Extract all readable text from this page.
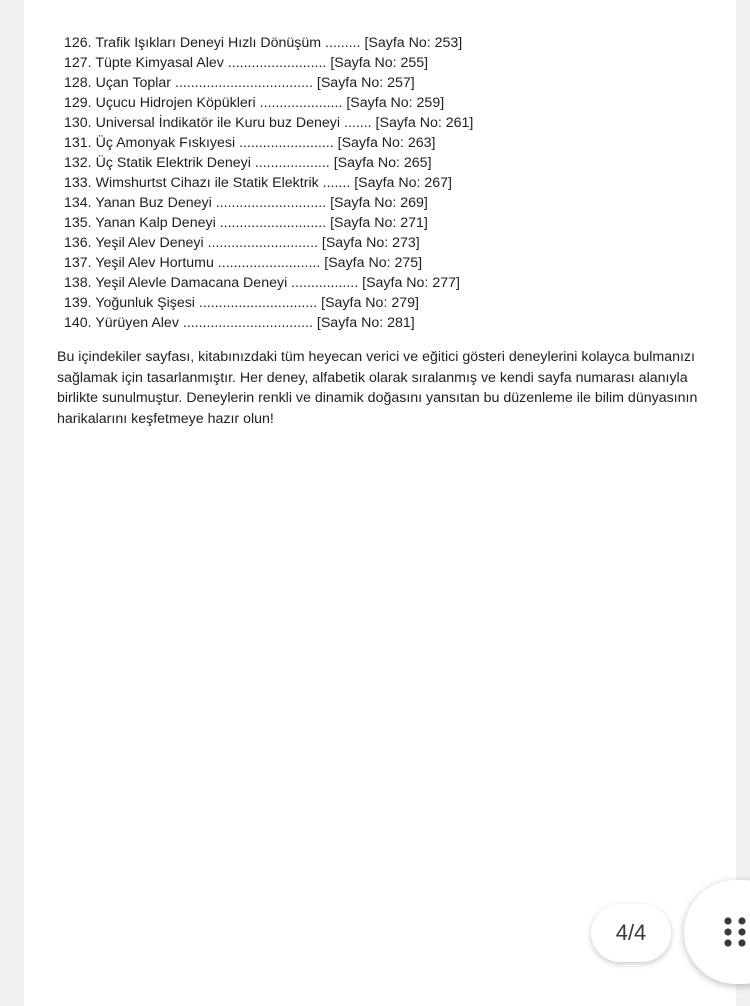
126. Trafik Işıkları Deneyi Hızlı Dönüşüm ......... [Sayfa No: 253]
127. Tüpte Kimyasal Alev ......................... [Sayfa No: 255]
128. Uçan Toplar ................................... [Sayfa No: 257]
129. Uçucu Hidrojen Köpükleri ..................... [Sayfa No: 259]
130. Universal İndikatör ile Kuru buz Deneyi ....... [Sayfa No: 261]
131. Üç Amonyak Fıskıyesi ........................ [Sayfa No: 263]
132. Üç Statik Elektrik Deneyi ................... [Sayfa No: 265]
133. Wimshurtst Cihazı ile Statik Elektrik ....... [Sayfa No: 267]
134. Yanan Buz Deneyi ............................ [Sayfa No: 269]
135. Yanan Kalp Deneyi ........................... [Sayfa No: 271]
136. Yeşil Alev Deneyi ............................ [Sayfa No: 273]
137. Yeşil Alev Hortumu .......................... [Sayfa No: 275]
138. Yeşil Alevle Damacana Deneyi ................. [Sayfa No: 277]
139. Yoğunluk Şişesi .............................. [Sayfa No: 279]
140. Yürüyen Alev ................................. [Sayfa No: 281]

Bu içindekiler sayfası, kitabınızdaki tüm heyecan verici ve eğitici gösteri deneylerini kolayca bulmanızı sağlamak için tasarlanmıştır. Her deney, alfabetik olarak sıralanmış ve kendi sayfa numarası alanıyla birlikte sunulmuştur. Deneylerin renkli ve dinamik doğasını yansıtan bu düzenleme ile bilim dünyasının harikalarını keşfetmeye hazır olun!

4/4
